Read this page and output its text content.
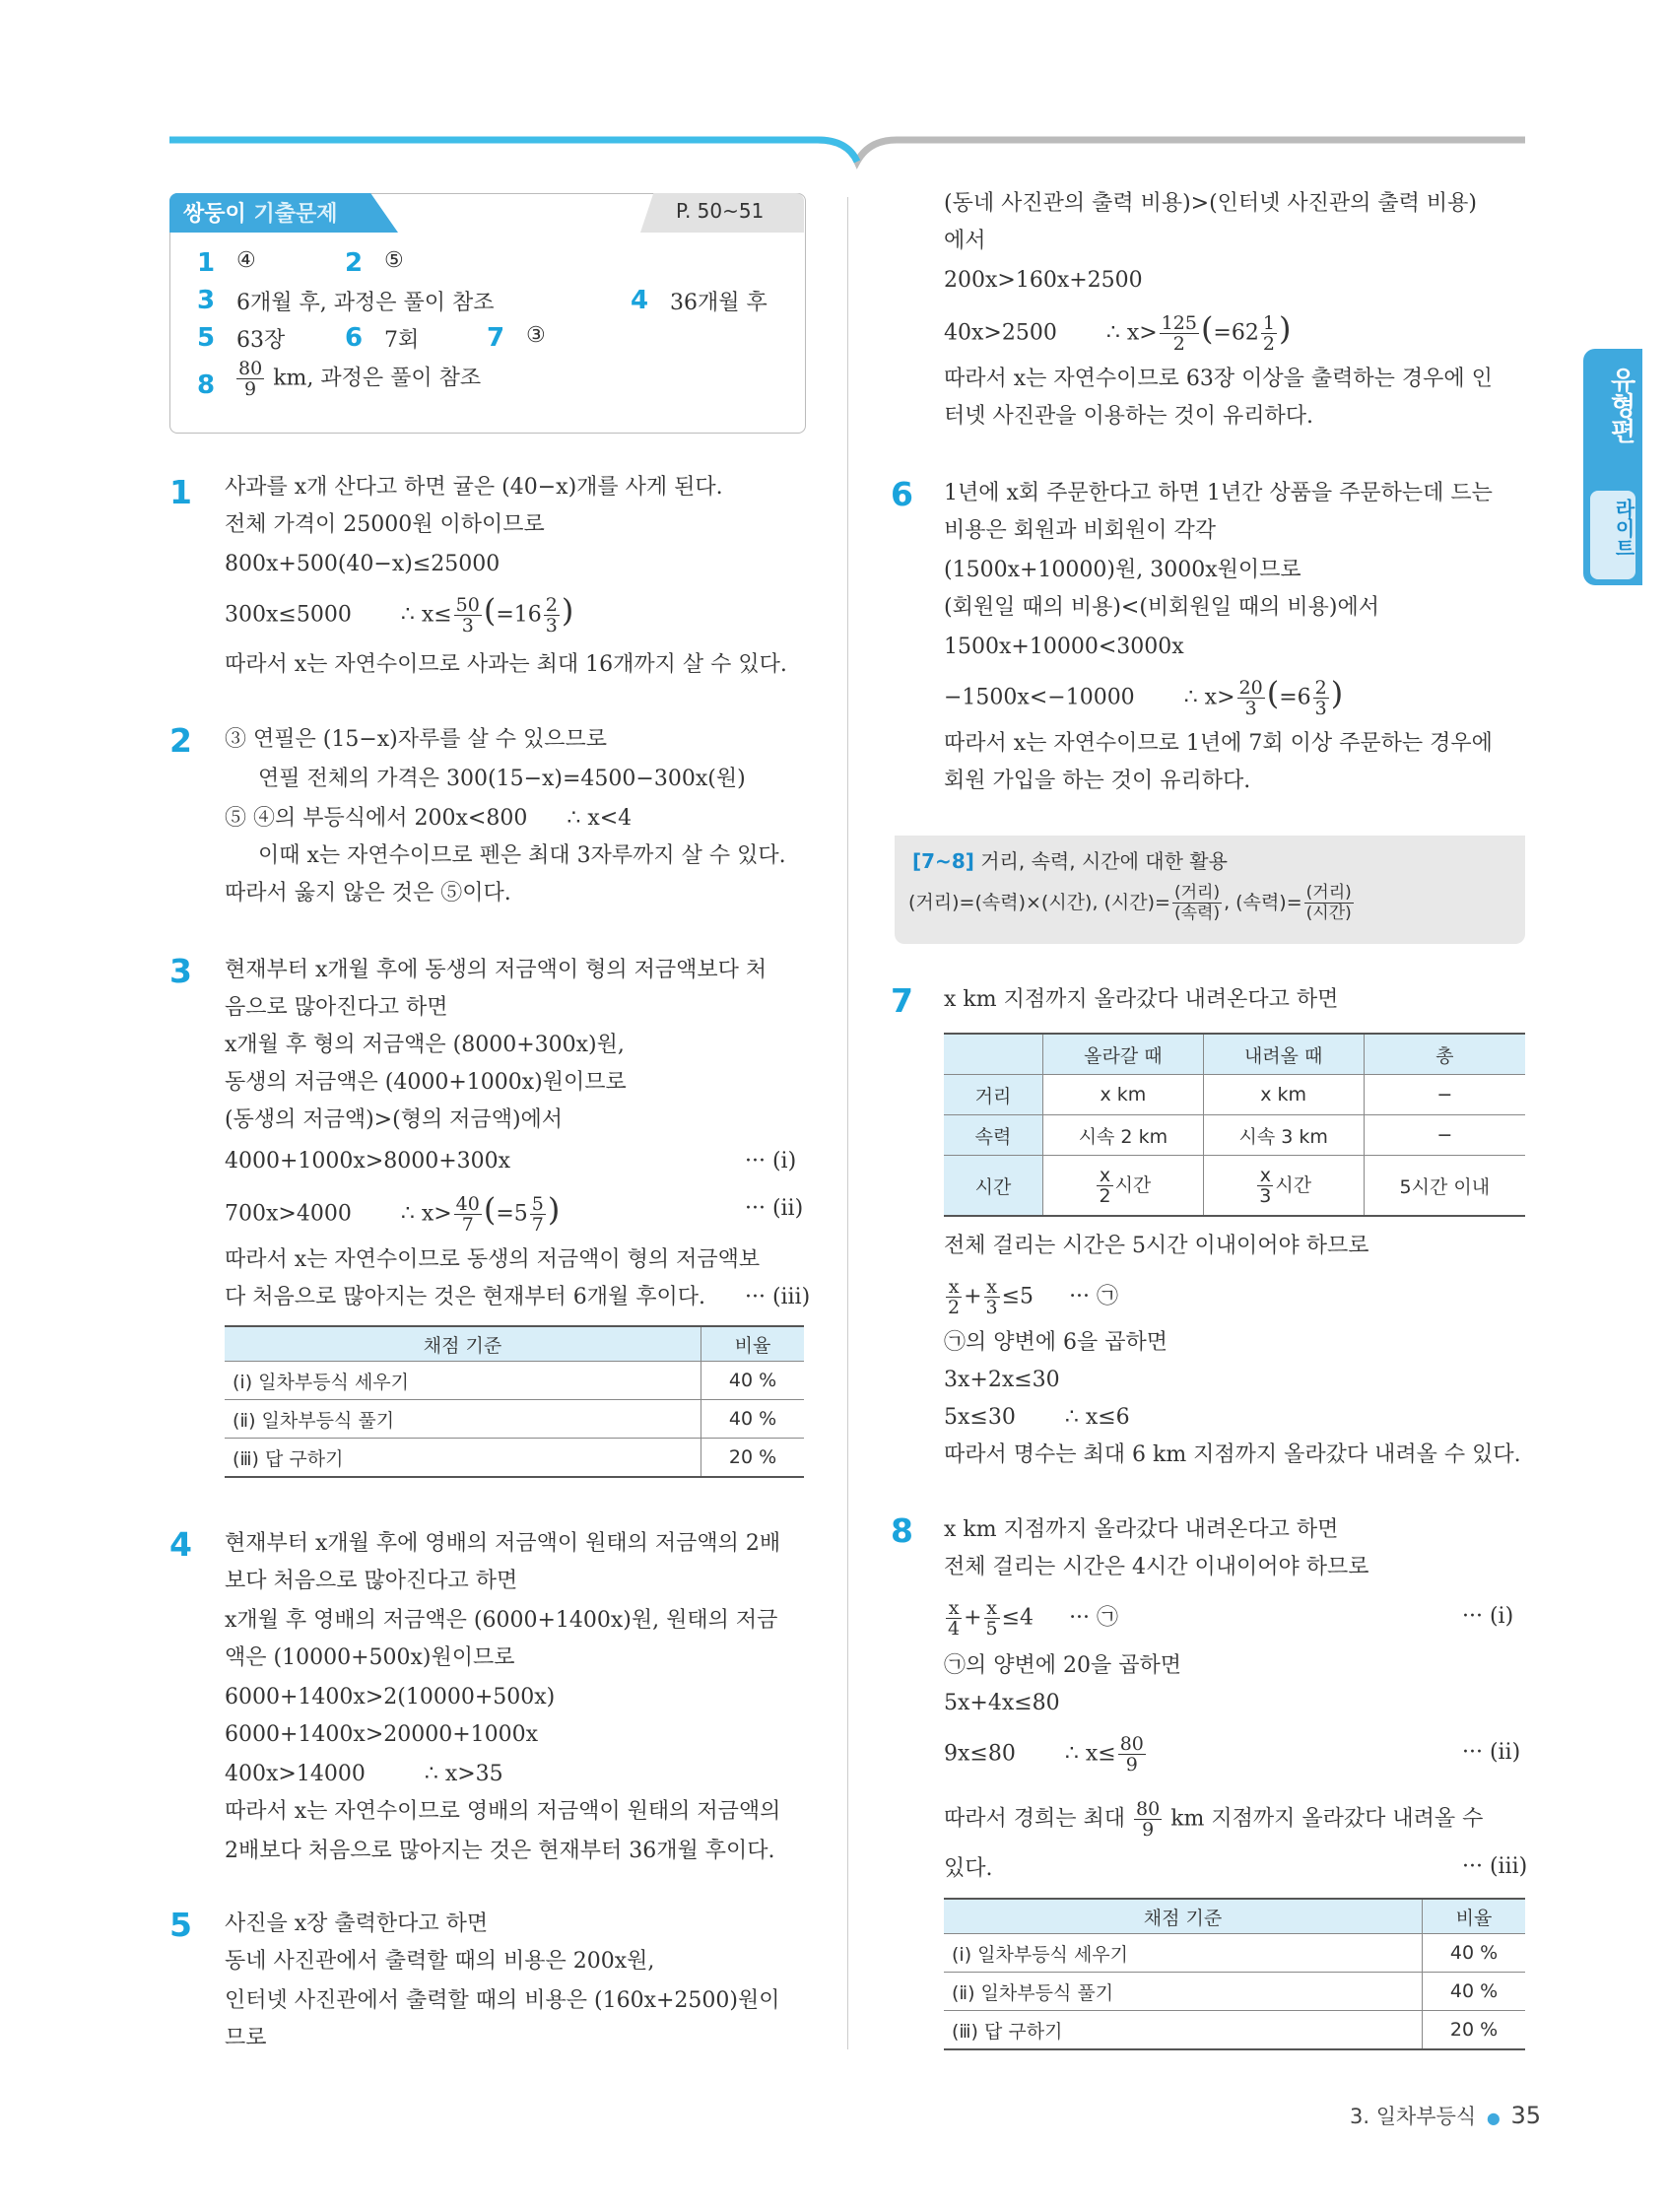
유형편
라이트
쌍둥이 기출문제	P. 50~51
1 ④	2 ⑤
3 6개월 후, 과정은 풀이 참조	4 36개월 후
5 63장 6 7회	7 ③
$8 \frac{80}{9}$ km, 과정은 풀이 참조
1 사과를 x개 산다고 하면 귤은 (40−x)개를 사게 된다.
전체 가격이 25000원 이하이므로
800x+500(40−x)≤25000
300x≤5000 ∴ $x\le \frac{50}{3} (=16 \frac{2}{3}$ )
따라서 x는 자연수이므로 사과는 최대 16개까지 살 수 있다.
2 ③ 연필은 (15−x)자루를 살 수 있으므로
연필 전체의 가격은 300(15−x)=4500−300x(원)
⑤ ④의 부등식에서 200x<800 ∴ x<4
이때 x는 자연수이므로 펜은 최대 3자루까지 살 수 있다.
따라서 옳지 않은 것은 ⑤이다.
3 현재부터 x개월 후에 동생의 저금액이 형의 저금액보다 처
음으로 많아진다고 하면
x개월 후 형의 저금액은 (8000+300x)원,
동생의 저금액은 (4000+1000x)원이므로
(동생의 저금액)>(형의 저금액)에서
4000+1000x>8000+300x	··· (ⅰ)
700x>4000 ∴ $x> \frac{40}{7} (=5 \frac{5}{7}$ )	··· (ⅱ)
따라서 x는 자연수이므로 동생의 저금액이 형의 저금액보
다 처음으로 많아지는 것은 현재부터 6개월 후이다. ··· (ⅲ)
채점 기준	비율
(ⅰ) 일차부등식 세우기	40 %
(ⅱ) 일차부등식 풀기	40 %
(ⅲ) 답 구하기	20 %
4 현재부터 x개월 후에 영배의 저금액이 원태의 저금액의 2배
보다 처음으로 많아진다고 하면
x개월 후 영배의 저금액은 (6000+1400x)원, 원태의 저금
액은 (10000+500x)원이므로
6000+1400x>2(10000+500x)
6000+1400x>20000+1000x
400x>14000	∴ x>35
따라서 x는 자연수이므로 영배의 저금액이 원태의 저금액의
2배보다 처음으로 많아지는 것은 현재부터 36개월 후이다.
5 사진을 x장 출력한다고 하면
동네 사진관에서 출력할 때의 비용은 200x원,
인터넷 사진관에서 출력할 때의 비용은 (160x+2500)원이
므로
(동네 사진관의 출력 비용)>(인터넷 사진관의 출력 비용)
에서
200x>160x+2500
40x>2500 ∴ $x> \frac{125}{2} (=62 \frac{1}{2}$ )
따라서 x는 자연수이므로 63장 이상을 출력하는 경우에 인
터넷 사진관을 이용하는 것이 유리하다.
6 1년에 x회 주문한다고 하면 1년간 상품을 주문하는데 드는
비용은 회원과 비회원이 각각
(1500x+10000)원, 3000x원이므로
(회원일 때의 비용)<(비회원일 때의 비용)에서
1500x+10000<3000x
−1500x<−10000 ∴ $x> \frac{20}{3} (=6 \frac{2}{3}$ )
따라서 x는 자연수이므로 1년에 7회 이상 주문하는 경우에
회원 가입을 하는 것이 유리하다.
[7~8] 거리, 속력, 시간에 대한 활용
(거리)=(속력)×(시간), (시간)= $\frac{\text{(거리)}}{\text{(속력)}}$ , (속력)= $\frac{\text{(거리)}}{\text{(시간)}}$
7 x km 지점까지 올라갔다 내려온다고 하면
	올라갈 때	내려올 때	총
거리	x km	x km	−
속력	시속 2 km	시속 3 km	−
시간	$\frac{x}{2}$ 시간	$\frac{x}{3}$ 시간	5시간 이내
전체 걸리는 시간은 5시간 이내이어야 하므로
$\frac{x}{2} + \frac{x}{3} \le 5$ ··· ㉠
㉠의 양변에 6을 곱하면
3x+2x≤30
5x≤30 ∴ x≤6
따라서 명수는 최대 6 km 지점까지 올라갔다 내려올 수 있다.
8 x km 지점까지 올라갔다 내려온다고 하면
전체 걸리는 시간은 4시간 이내이어야 하므로
$\frac{x}{4} + \frac{x}{5} \le 4$ ··· ㉠	··· (ⅰ)
㉠의 양변에 20을 곱하면
5x+4x≤80
9x≤80 ∴ $x\le \frac{80}{9}$	··· (ⅱ)
따라서 경희는 최대 $\frac{80}{9}$ km 지점까지 올라갔다 내려올 수
있다.	··· (ⅲ)
채점 기준	비율
(ⅰ) 일차부등식 세우기	40 %
(ⅱ) 일차부등식 풀기	40 %
(ⅲ) 답 구하기	20 %
3. 일차부등식 ● 35
